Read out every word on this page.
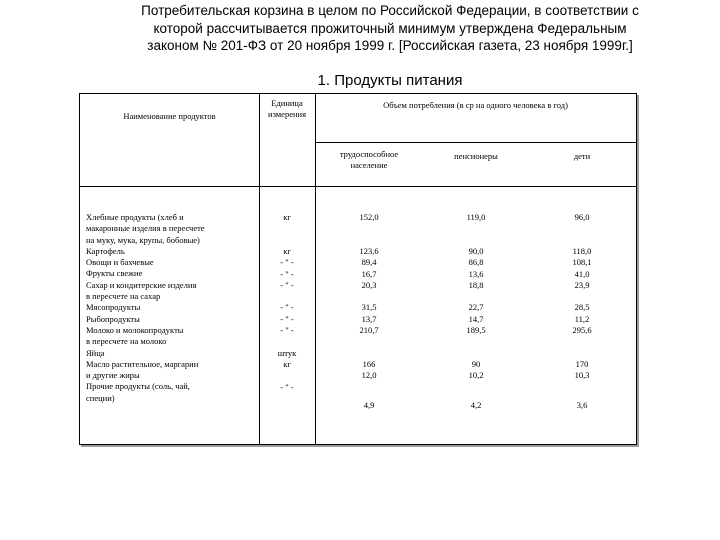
Потребительская корзина в целом по Российской Федерации, в соответствии с
которой рассчитывается прожиточный минимум утверждена Федеральным
законом № 201-ФЗ от 20 ноября 1999 г. [Российская газета, 23 ноября 1999г.]
1. Продукты питания
Наименование продуктов
Единица
измерения
Объем потребления (в ср на одного человека в год)
трудоспособное
население
пенсионеры	дети
Хлебные продукты (хлеб и
макаронные изделия в пересчете
на муку, мука, крупы, бобовые)
Картофель
Овощи и бахчевые
Фрукты свежие
Сахар и кондитерские изделия
в пересчете на сахар
Мясопродукты
Рыбопродукты
Молоко и молокопродукты
в пересчете на молоко
Яйца
Масло растительное, маргарин
и другие жиры
Прочие продукты (соль, чай,
специи)
кг
кг
- " -
- " -
- " -
- " -
- " -
- " -
штук
кг
- " -
152,0
123,6
89,4
16,7
20,3
31,5
13,7
210,7
166
12,0
4,9
119,0
90,0
86,8
13,6
18,8
22,7
14,7
189,5
90
10,2
4,2
96,0
118,0
108,1
41,0
23,9
28,5
11,2
295,6
170
10,3
3,6
